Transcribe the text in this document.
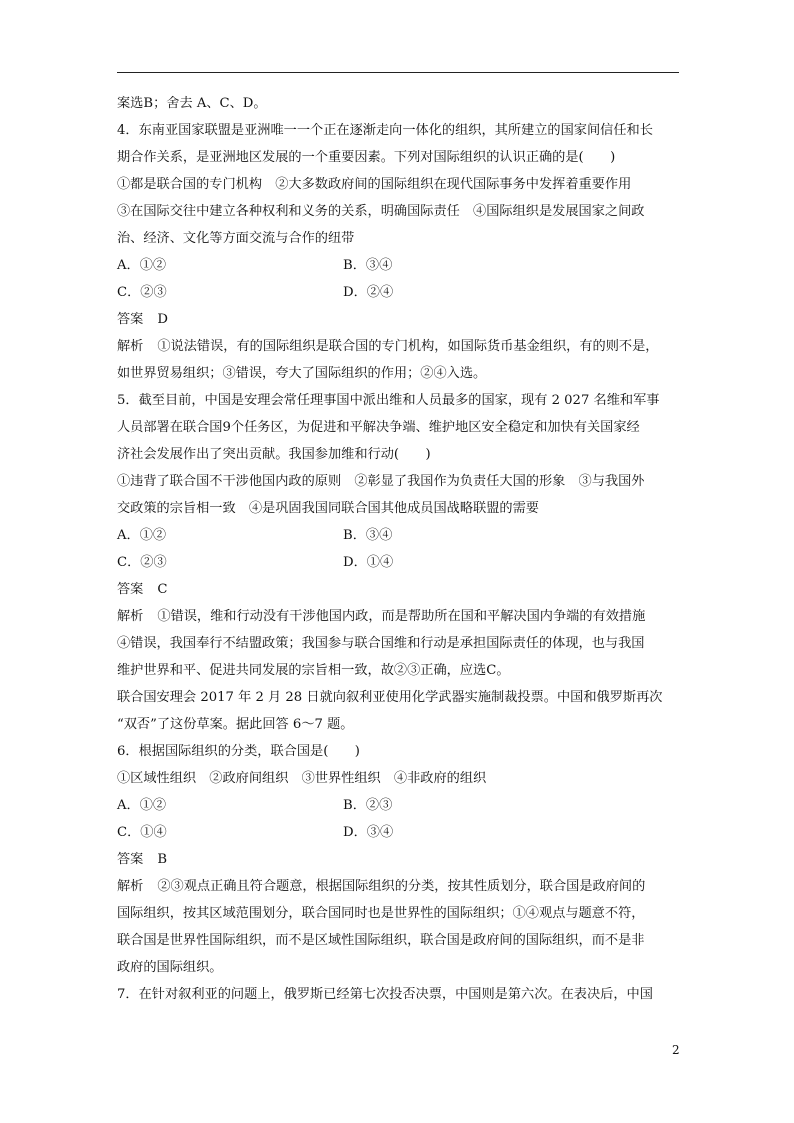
案选B；舍去 A、C、D。
4．东南亚国家联盟是亚洲唯一一个正在逐渐走向一体化的组织，其所建立的国家间信任和长
期合作关系，是亚洲地区发展的一个重要因素。下列对国际组织的认识正确的是(　　)
①都是联合国的专门机构　②大多数政府间的国际组织在现代国际事务中发挥着重要作用
③在国际交往中建立各种权利和义务的关系，明确国际责任　④国际组织是发展国家之间政
治、经济、文化等方面交流与合作的纽带
A．①②	B．③④
C．②③	D．②④
答案 D
解析 ①说法错误，有的国际组织是联合国的专门机构，如国际货币基金组织，有的则不是，
如世界贸易组织；③错误，夸大了国际组织的作用；②④入选。
5．截至目前，中国是安理会常任理事国中派出维和人员最多的国家，现有 2 027 名维和军事
人员部署在联合国9个任务区，为促进和平解决争端、维护地区安全稳定和加快有关国家经
济社会发展作出了突出贡献。我国参加维和行动(　　)
①违背了联合国不干涉他国内政的原则　②彰显了我国作为负责任大国的形象　③与我国外
交政策的宗旨相一致　④是巩固我国同联合国其他成员国战略联盟的需要
A．①②	B．③④
C．②③	D．①④
答案 C
解析 ①错误，维和行动没有干涉他国内政，而是帮助所在国和平解决国内争端的有效措施
④错误，我国奉行不结盟政策；我国参与联合国维和行动是承担国际责任的体现，也与我国
维护世界和平、促进共同发展的宗旨相一致，故②③正确，应选C。
联合国安理会 2017 年 2 月 28 日就向叙利亚使用化学武器实施制裁投票。中国和俄罗斯再次
“双否”了这份草案。据此回答 6～7 题。
6．根据国际组织的分类，联合国是(　　)
①区域性组织　②政府间组织　③世界性组织　④非政府的组织
A．①②	B．②③
C．①④	D．③④
答案 B
解析 ②③观点正确且符合题意，根据国际组织的分类，按其性质划分，联合国是政府间的
国际组织，按其区域范围划分，联合国同时也是世界性的国际组织；①④观点与题意不符，
联合国是世界性国际组织，而不是区域性国际组织，联合国是政府间的国际组织，而不是非
政府的国际组织。
7．在针对叙利亚的问题上，俄罗斯已经第七次投否决票，中国则是第六次。在表决后，中国
2
